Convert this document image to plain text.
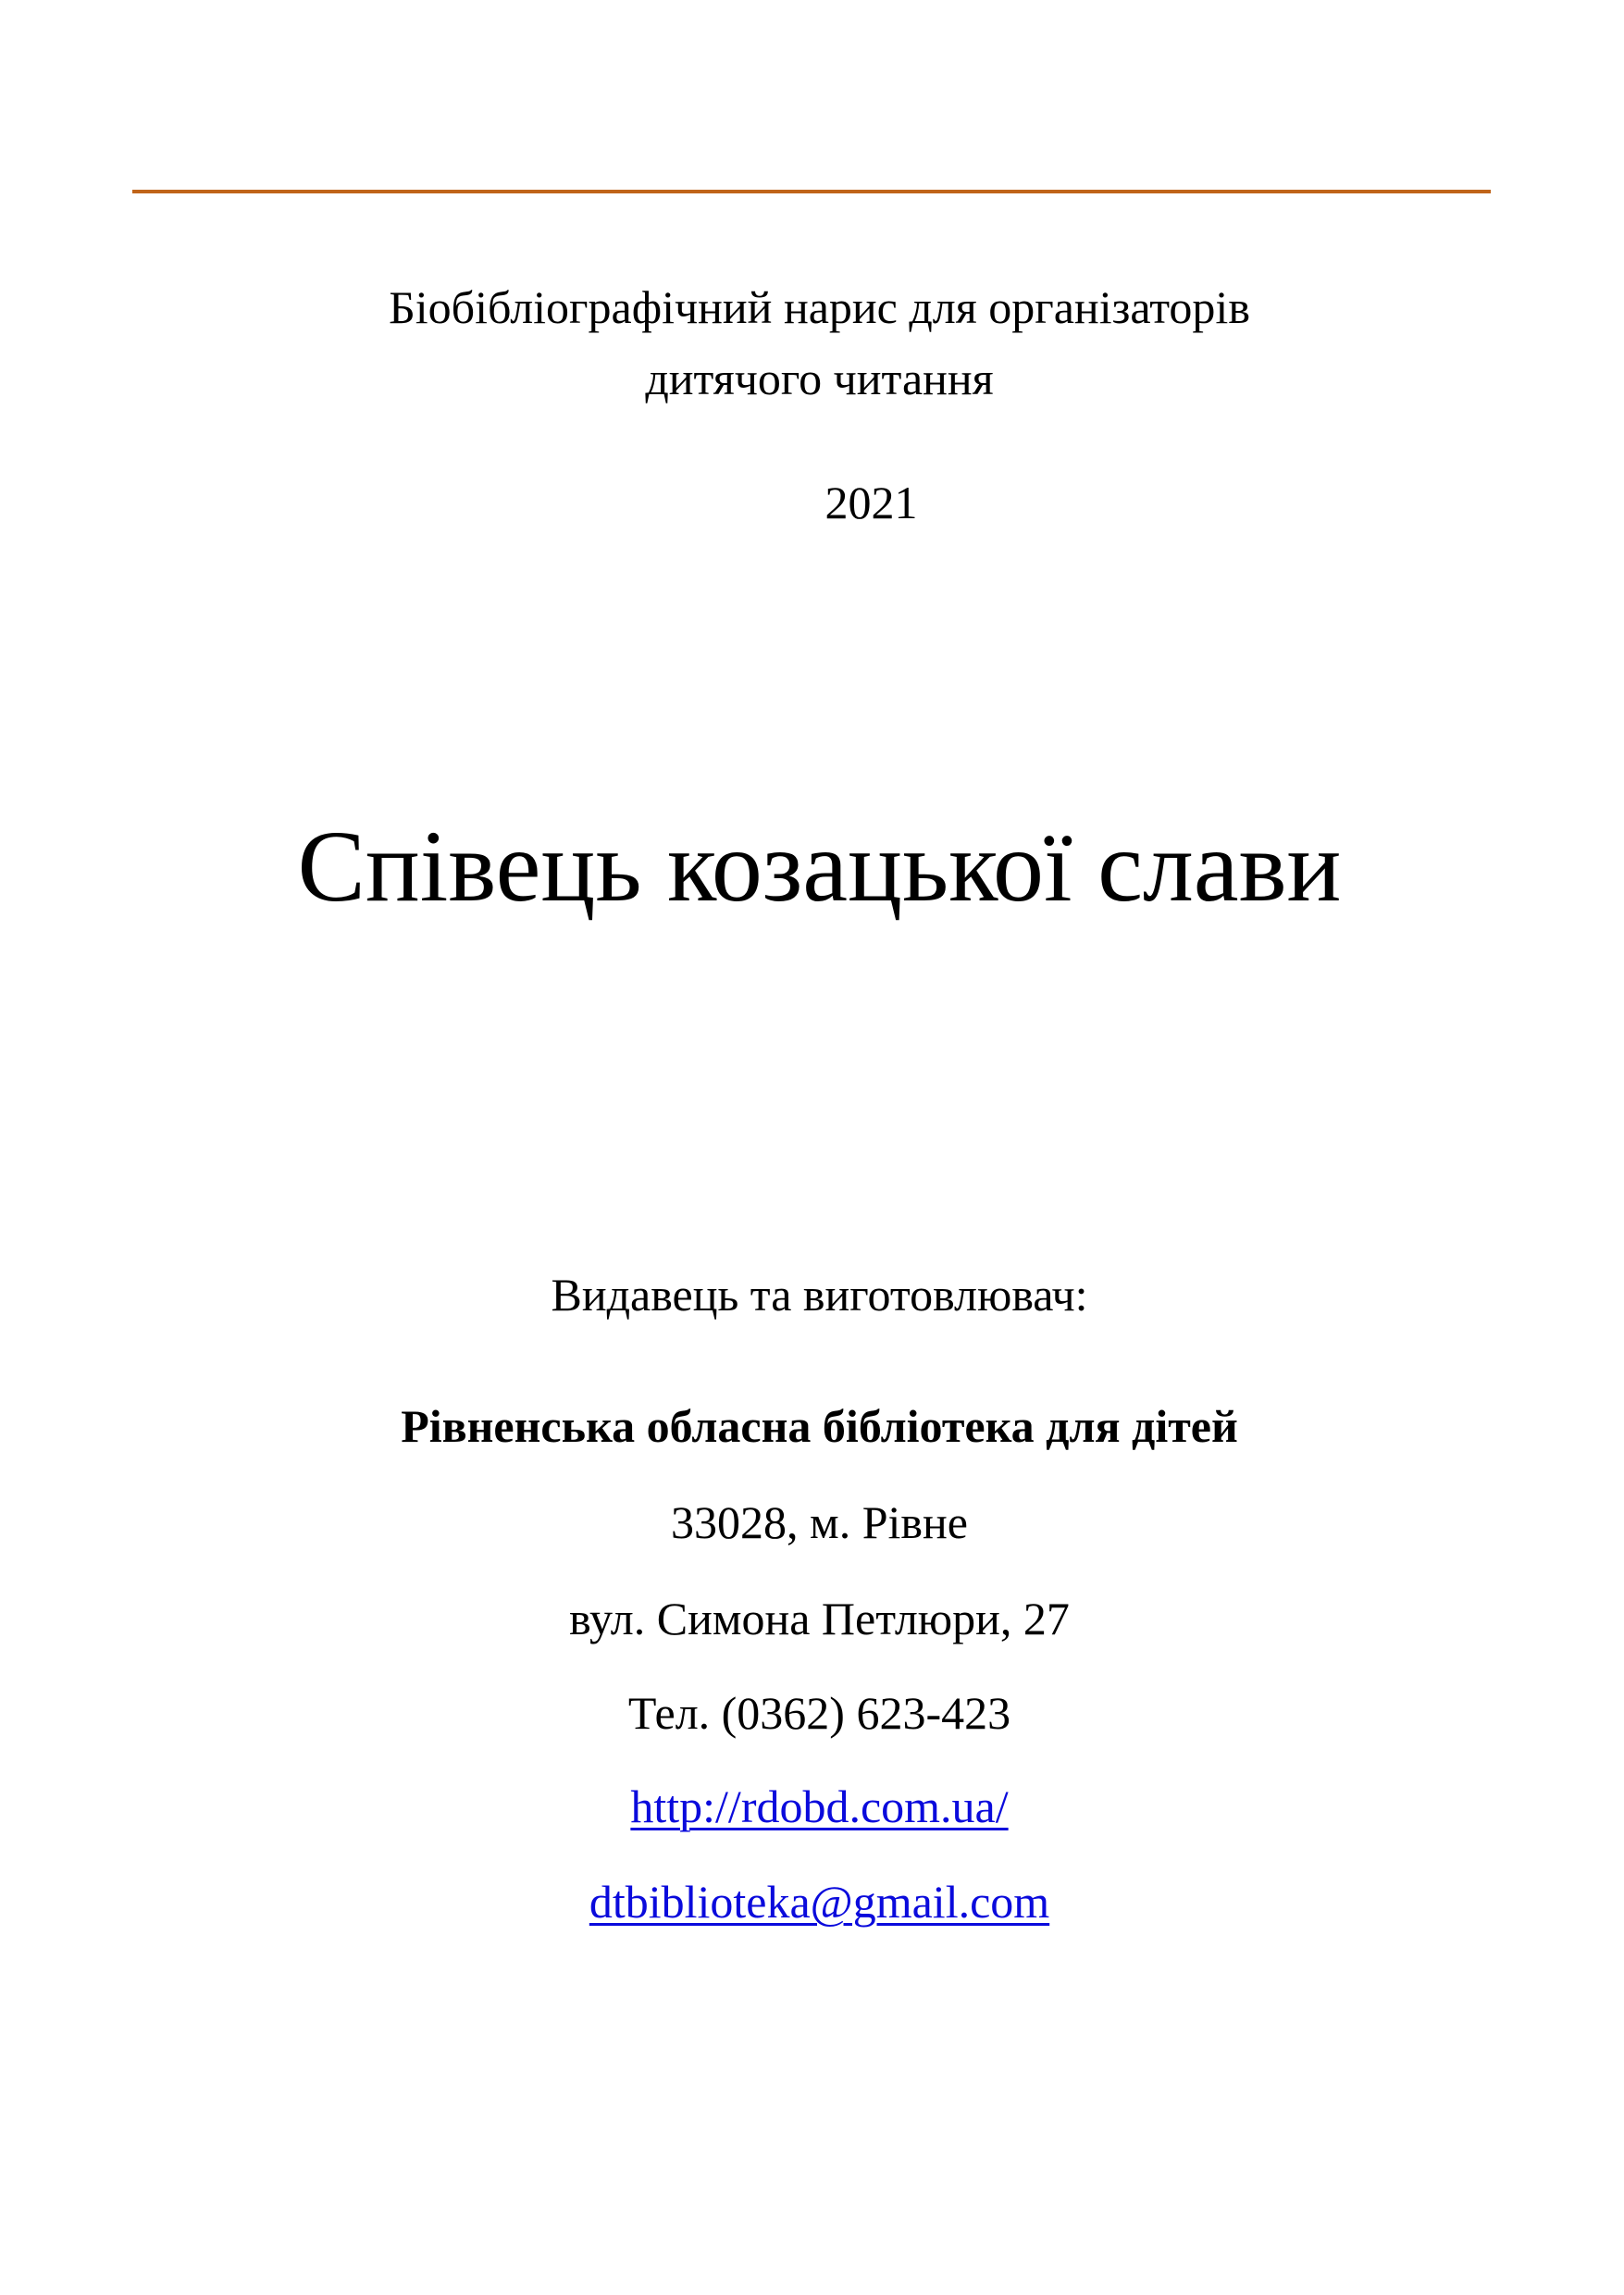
Біобібліографічний нарис для організаторів
дитячого читання
2021
Співець козацької слави
Видавець та виготовлювач:
Рівненська обласна бібліотека для дітей
33028, м. Рівне
вул. Симона Петлюри, 27
Тел. (0362) 623-423
http://rdobd.com.ua/
dtbiblioteka@gmail.com
